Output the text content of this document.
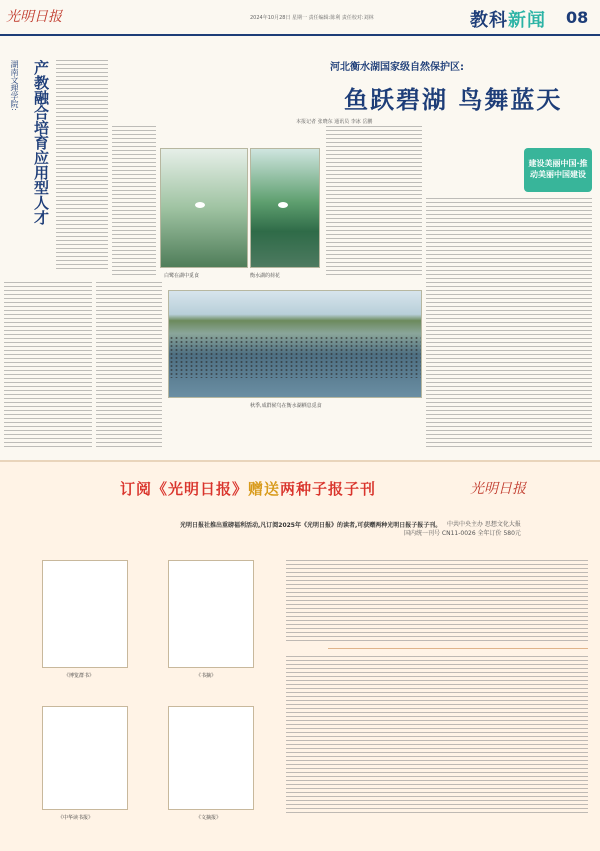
光明日报	2024年10月28日 星期一 责任编辑:陈利 责任校对:刘林	教科新闻 08
河北衡水湖国家级自然保护区:
鱼跃碧湖 鸟舞蓝天
本报记者 张晓东 通讯员 李冰 岳鹏
建设美丽中国·推动美丽中国建设
衡水湖的荷花
白鹭在湖中觅食
秋季,成群候鸟在衡水湖栖息觅食
产教融合培育应用型人才
湖南文理学院:
订阅《光明日报》赠送两种子报子刊	光明日报
中共中央主办 思想文化大报
国内统一刊号 CN11-0026 全年订价 580元
光明日报社推出重磅福利活动,凡订阅2025年《光明日报》的读者,可获赠两种光明日报子报子刊。
《博览群书》	《书摘》
《中华读书报》	《文摘报》
